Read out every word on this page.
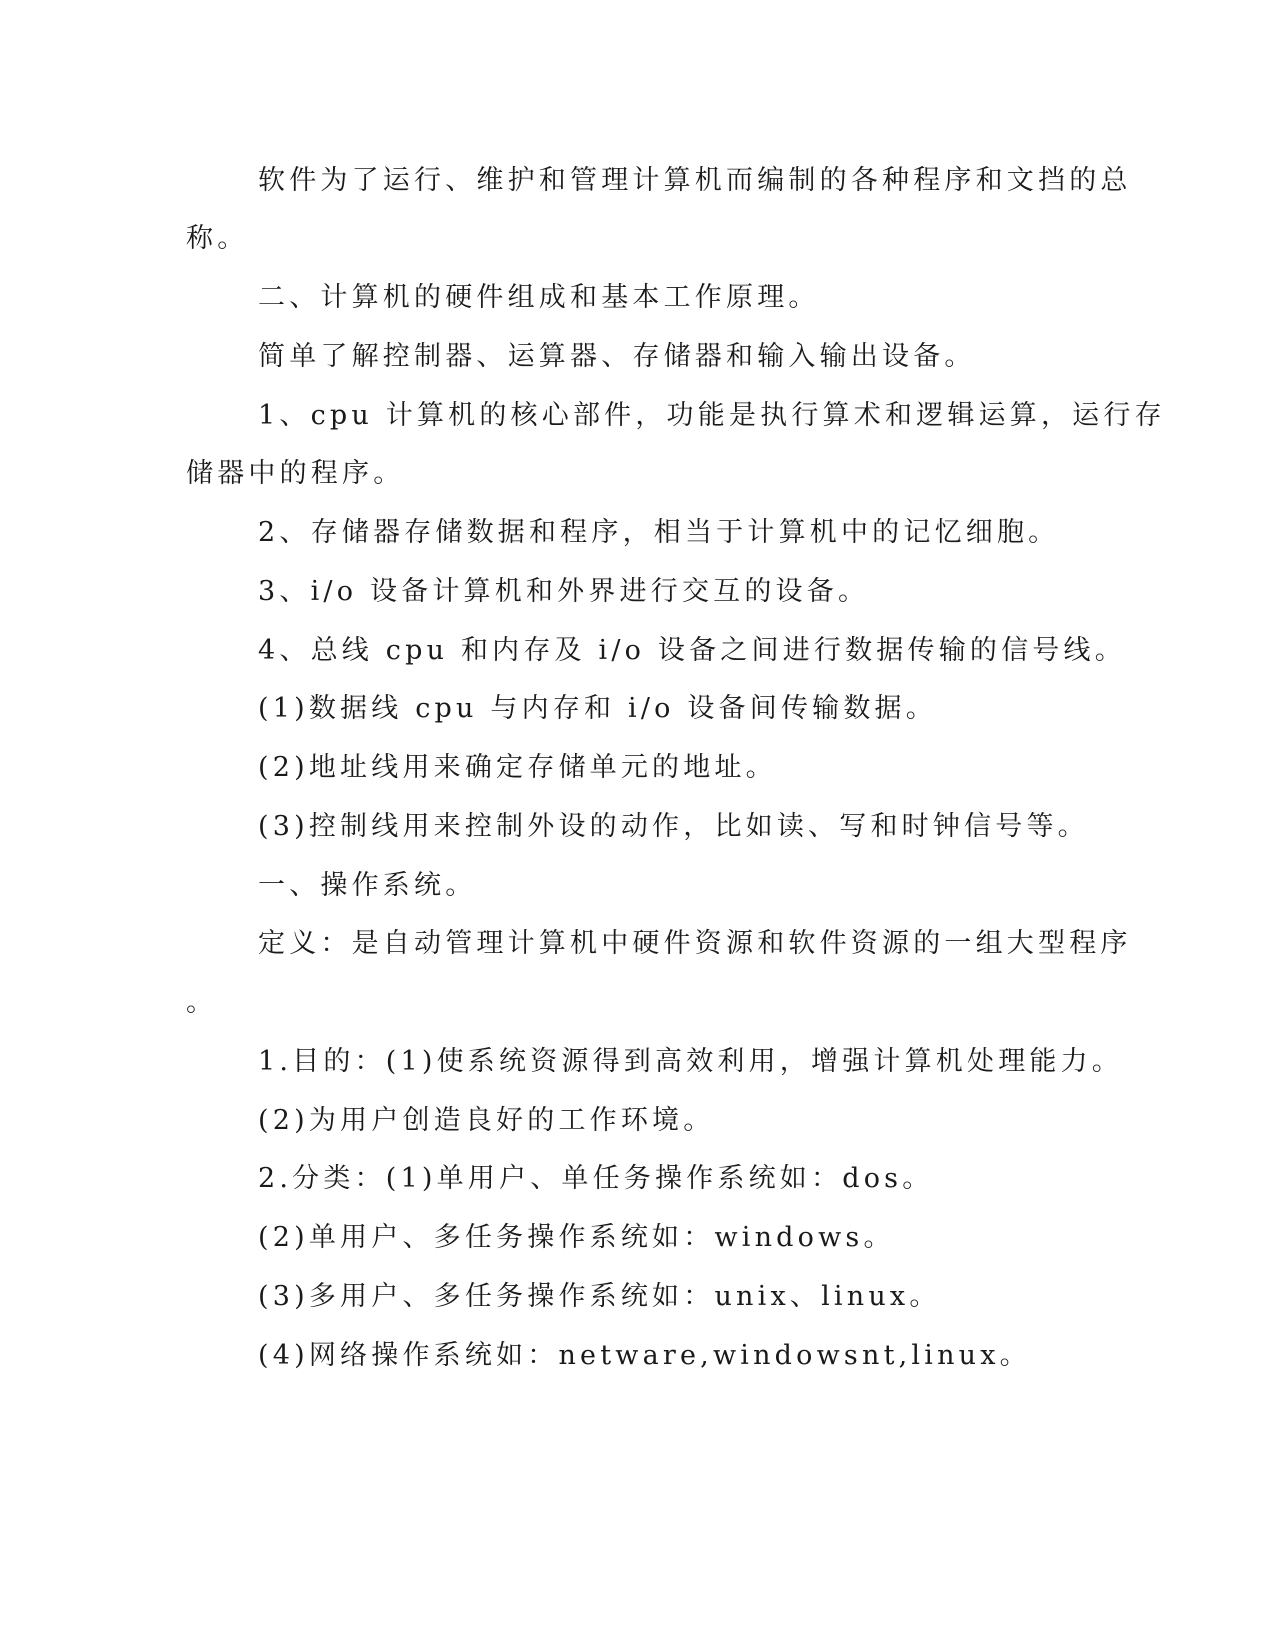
软件为了运行、维护和管理计算机而编制的各种程序和文挡的总

称。

二、计算机的硬件组成和基本工作原理。

简单了解控制器、运算器、存储器和输入输出设备。

1、cpu 计算机的核心部件，功能是执行算术和逻辑运算，运行存

储器中的程序。

2、存储器存储数据和程序，相当于计算机中的记忆细胞。

3、i/o 设备计算机和外界进行交互的设备。

4、总线 cpu 和内存及 i/o 设备之间进行数据传输的信号线。

(1)数据线 cpu 与内存和 i/o 设备间传输数据。

(2)地址线用来确定存储单元的地址。

(3)控制线用来控制外设的动作，比如读、写和时钟信号等。

一、操作系统。

定义：是自动管理计算机中硬件资源和软件资源的一组大型程序

。

1.目的：(1)使系统资源得到高效利用，增强计算机处理能力。

(2)为用户创造良好的工作环境。

2.分类：(1)单用户、单任务操作系统如：dos。

(2)单用户、多任务操作系统如：windows。

(3)多用户、多任务操作系统如：unix、linux。

(4)网络操作系统如：netware,windowsnt,linux。
